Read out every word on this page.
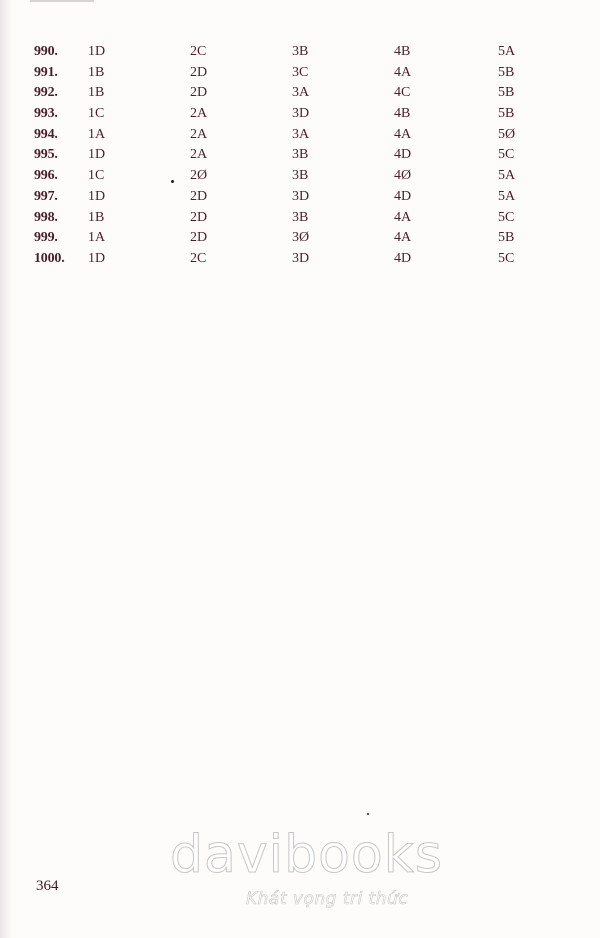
990. 1D	2C	3B	4B	5A
991. 1B	2D	3C	4A	5B
992. 1B	2D	3A	4C	5B
993. 1C	2A	3D	4B	5B
994. 1A	2A	3A	4A	5Ø
995. 1D	2A	3B	4D	5C
996. 1C	2Ø	3B	4Ø	5A
997. 1D	2D	3D	4D	5A
998. 1B	2D	3B	4A	5C
999. 1A	2D	3Ø	4A	5B
1000. 1D	2C	3D	4D	5C
davibooks
Khát vọng tri thức
364
